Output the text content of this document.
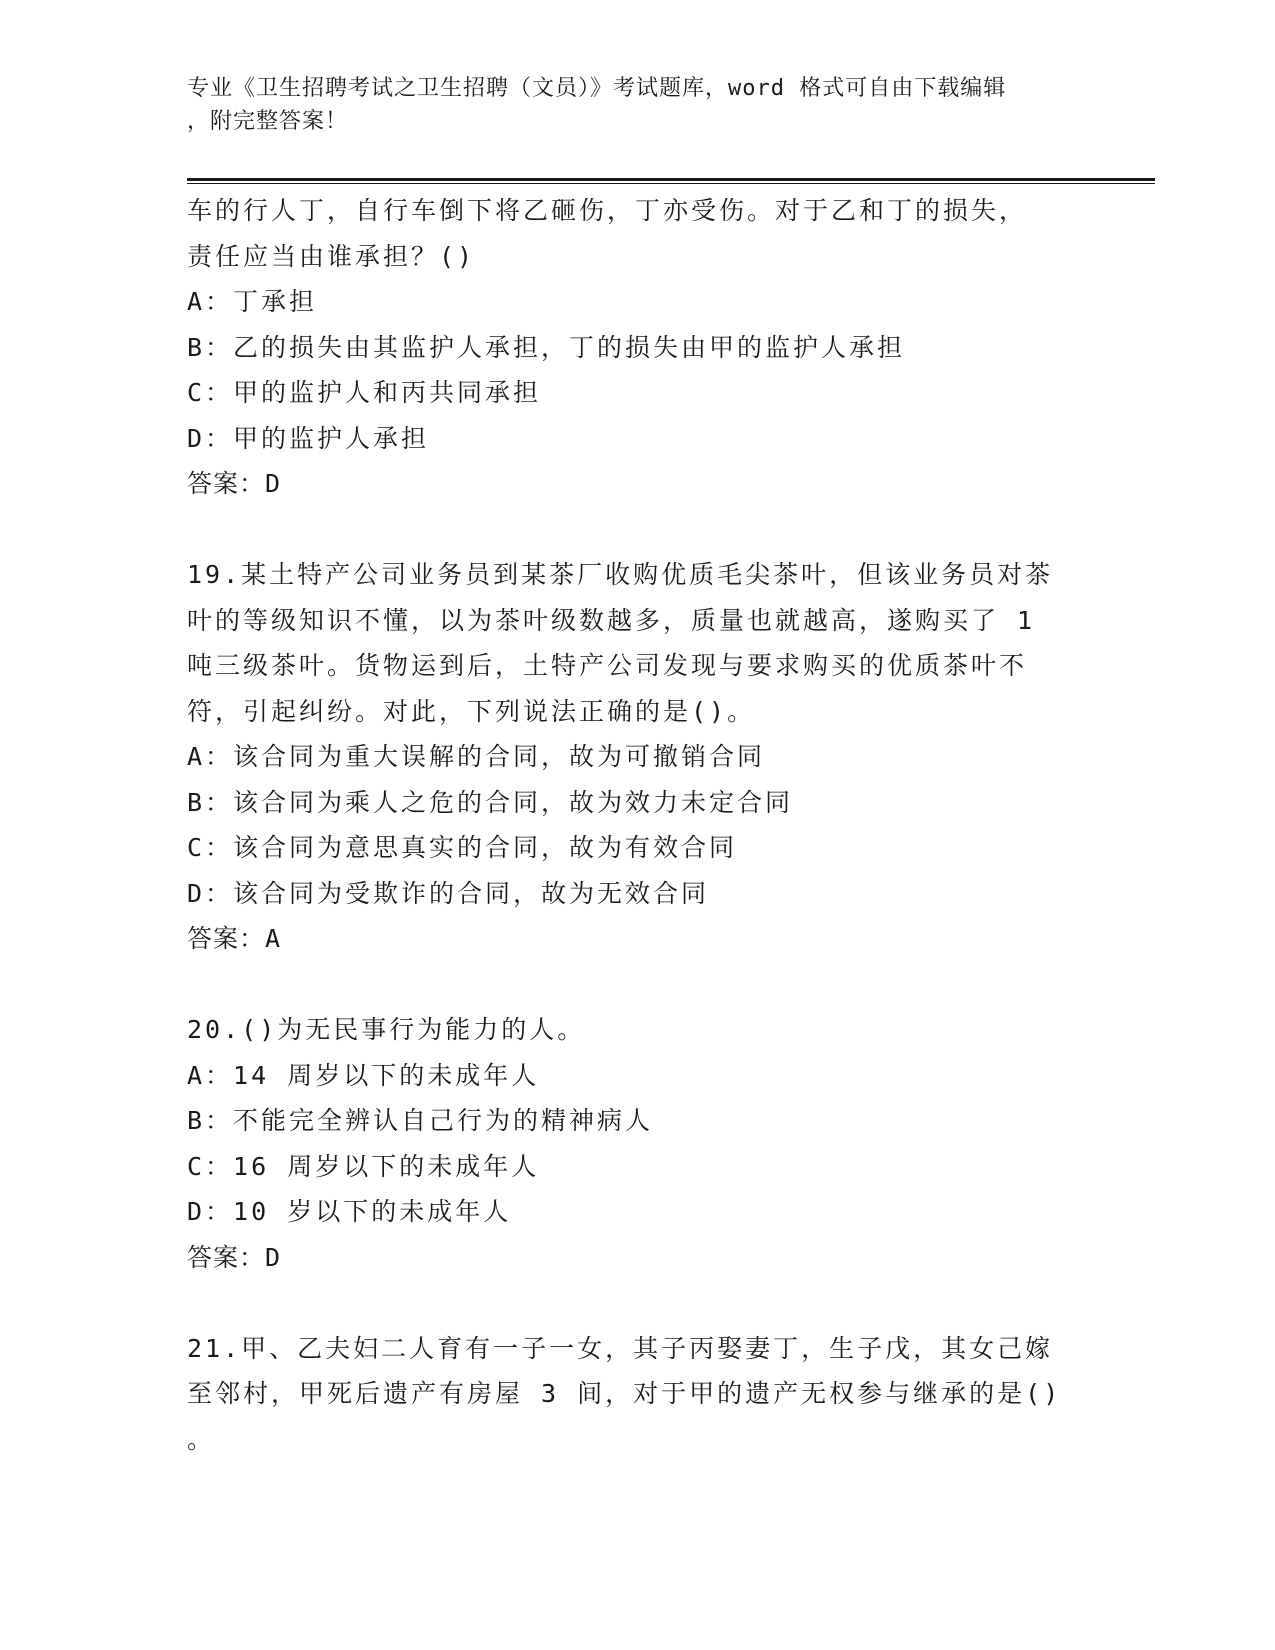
专业《卫生招聘考试之卫生招聘（文员）》考试题库，word 格式可自由下载编辑
，附完整答案！
车的行人丁，自行车倒下将乙砸伤，丁亦受伤。对于乙和丁的损失，
责任应当由谁承担？()
A：丁承担
B：乙的损失由其监护人承担，丁的损失由甲的监护人承担
C：甲的监护人和丙共同承担
D：甲的监护人承担
答案：D
19.某土特产公司业务员到某茶厂收购优质毛尖茶叶，但该业务员对茶
叶的等级知识不懂，以为茶叶级数越多，质量也就越高，遂购买了 1
吨三级茶叶。货物运到后，土特产公司发现与要求购买的优质茶叶不
符，引起纠纷。对此，下列说法正确的是()。
A：该合同为重大误解的合同，故为可撤销合同
B：该合同为乘人之危的合同，故为效力未定合同
C：该合同为意思真实的合同，故为有效合同
D：该合同为受欺诈的合同，故为无效合同
答案：A
20.()为无民事行为能力的人。
A：14 周岁以下的未成年人
B：不能完全辨认自己行为的精神病人
C：16 周岁以下的未成年人
D：10 岁以下的未成年人
答案：D
21.甲、乙夫妇二人育有一子一女，其子丙娶妻丁，生子戊，其女己嫁
至邻村，甲死后遗产有房屋 3 间，对于甲的遗产无权参与继承的是()
。
